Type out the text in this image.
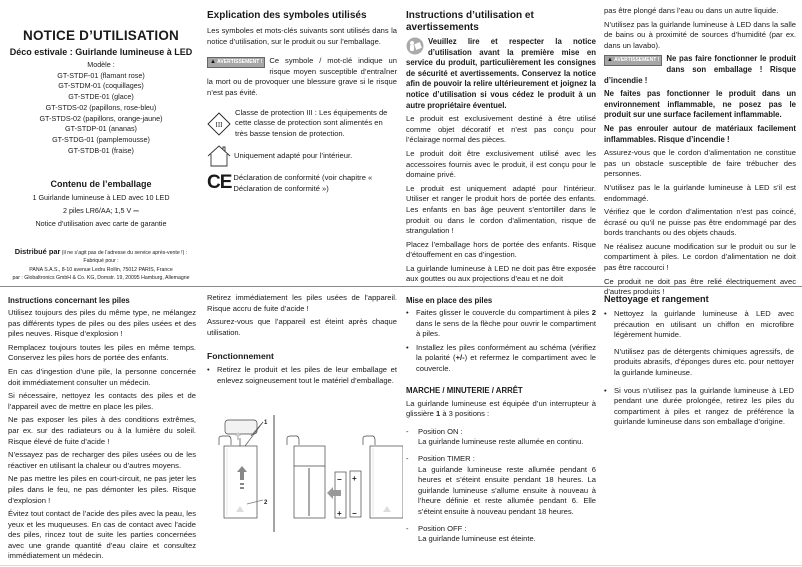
NOTICE D’UTILISATION
Déco estivale : Guirlande lumineuse à LED
Modèle :
GT-STDF-01 (flamant rose)
GT-STDM-01 (coquillages)
GT-STDE-01 (glace)
GT-STDS-02 (papillons, rose-bleu)
GT-STDS-02 (papillons, orange-jaune)
GT-STDP-01 (ananas)
GT-STDG-01 (pamplemousse)
GT-STDB-01 (fraise)
Contenu de l’emballage
1 Guirlande lumineuse à LED avec 10 LED
2 piles LR6/AA; 1,5 V ⎓
Notice d’utilisation avec carte de garantie
Distribué par (il ne s’agit pas de l’adresse du service après-vente !) :
Fabriqué pour :
PANA S.A.S., 8-10 avenue Ledru Rollin, 75012 PARIS, France
par : Globaltronics GmbH & Co. KG, Domstr. 19, 20095 Hamburg, Allemagne
Explication des symboles utilisés

Les symboles et mots-clés suivants sont utilisés dans la notice d’utilisation, sur le produit ou sur l’emballage.

▲ AVERTISSEMENT ! Ce symbole / mot-clé indique un risque moyen susceptible d’entraîner la mort ou de provoquer une blessure grave si le risque n’est pas évité.

III
Classe de protection III : Les équipements de cette classe de protection sont alimentés en très basse tension de protection.
Uniquement adapté pour l’intérieur.
CE Déclaration de conformité (voir chapitre « Déclaration de conformité »)
Instructions d’utilisation et avertissements

Veuillez lire et respecter la notice d’utilisation avant la première mise en service du produit, particulièrement les consignes de sécurité et avertissements. Conservez la notice afin de pouvoir la relire ultérieurement et joignez la notice d’utilisation si vous cédez le produit à un autre propriétaire éventuel.

Le produit est exclusivement destiné à être utilisé comme objet décoratif et n’est pas conçu pour l’éclairage normal des pièces.

Le produit doit être exclusivement utilisé avec les accessoires fournis avec le produit, il est conçu pour le domaine privé.

Le produit est uniquement adapté pour l’intérieur. Utiliser et ranger le produit hors de portée des enfants. Les enfants en bas âge peuvent s’entortiller dans le produit ou dans le cordon d’alimentation, risque de strangulation !

Placez l’emballage hors de portée des enfants. Risque d’étouffement en cas d’ingestion.

La guirlande lumineuse à LED ne doit pas être exposée aux gouttes ou aux projections d’eau et ne doit

pas être plongé dans l’eau ou dans un autre liquide.

N’utilisez pas la guirlande lumineuse à LED dans la salle de bains ou à proximité de sources d’humidité (par ex. dans un lavabo).

▲ AVERTISSEMENT ! Ne pas faire fonctionner le produit dans son emballage ! Risque d’incendie !

Ne faites pas fonctionner le produit dans un environnement inflammable, ne posez pas le produit sur une surface facilement inflammable.

Ne pas enrouler autour de matériaux facilement inflammables. Risque d’incendie !

Assurez-vous que le cordon d’alimentation ne constitue pas un obstacle susceptible de faire trébucher des personnes.

N’utilisez pas le la guirlande lumineuse à LED s’il est endommagé.

Vérifiez que le cordon d’alimentation n’est pas coincé, écrasé ou qu’il ne puisse pas être endommagé par des bords tranchants ou des objets chauds.

Ne réalisez aucune modification sur le produit ou sur le compartiment à piles. Le cordon d’alimentation ne doit pas être raccourci !

Ce produit ne doit pas être relié électriquement avec d’autres produits !

Instructions concernant les piles

Utilisez toujours des piles du même type, ne mélangez pas différents types de piles ou des piles usées et des piles neuves. Risque d’explosion !

Remplacez toujours toutes les piles en même temps. Conservez les piles hors de portée des enfants.

En cas d’ingestion d’une pile, la personne concernée doit immédiatement consulter un médecin.

Si nécessaire, nettoyez les contacts des piles et de l’appareil avec de mettre en place les piles.

Ne pas exposer les piles à des conditions extrêmes, par ex. sur des radiateurs ou à la lumière du soleil. Risque élevé de fuite d’acide !

N’essayez pas de recharger des piles usées ou de les réactiver en utilisant la chaleur ou d’autres moyens.

Ne pas mettre les piles en court-circuit, ne pas jeter les piles dans le feu, ne pas démonter les piles. Risque d’explosion !

Évitez tout contact de l’acide des piles avec la peau, les yeux et les muqueuses. En cas de contact avec l’acide des piles, rincez tout de suite les parties concernées avec une grande quantité d’eau claire et consultez immédiatement un médecin.

Retirez immédiatement les piles usées de l’appareil. Risque accru de fuite d’acide !

Assurez-vous que l’appareil est éteint après chaque utilisation.

Fonctionnement
• Retirez le produit et les piles de leur emballage et enlevez soigneusement tout le matériel d’emballage.
1
2
−
+
+
−
Mise en place des piles
• Faites glisser le couvercle du compartiment à piles 2 dans le sens de la flèche pour ouvrir le compartiment à piles.
• Installez les piles conformément au schéma (vérifiez la polarité (+/-) et refermez le compartiment avec le couvercle.
MARCHE / MINUTERIE / ARRÊT

La guirlande lumineuse est équipée d’un interrupteur à glissière 1 à 3 positions :

-	Position ON :
La guirlande lumineuse reste allumée en continu.
-	Position TIMER :
La guirlande lumineuse reste allumée pendant 6 heures et s’éteint ensuite pendant 18 heures. La guirlande lumineuse s’allume ensuite à nouveau à l’heure définie et reste allumée pendant 6. Elle s’éteint ensuite à nouveau pendant 18 heures.
-	Position OFF :
La guirlande lumineuse est éteinte.
Nettoyage et rangement
• Nettoyez la guirlande lumineuse à LED avec précaution en utilisant un chiffon en microfibre légèrement humide.

N’utilisez pas de détergents chimiques agressifs, de produits abrasifs, d’éponges dures etc. pour nettoyer la guirlande lumineuse.

• Si vous n’utilisez pas la guirlande lumineuse à LED pendant une durée prolongée, retirez les piles du compartiment à piles et rangez de préférence la guirlande lumineuse dans son emballage d’origine.
